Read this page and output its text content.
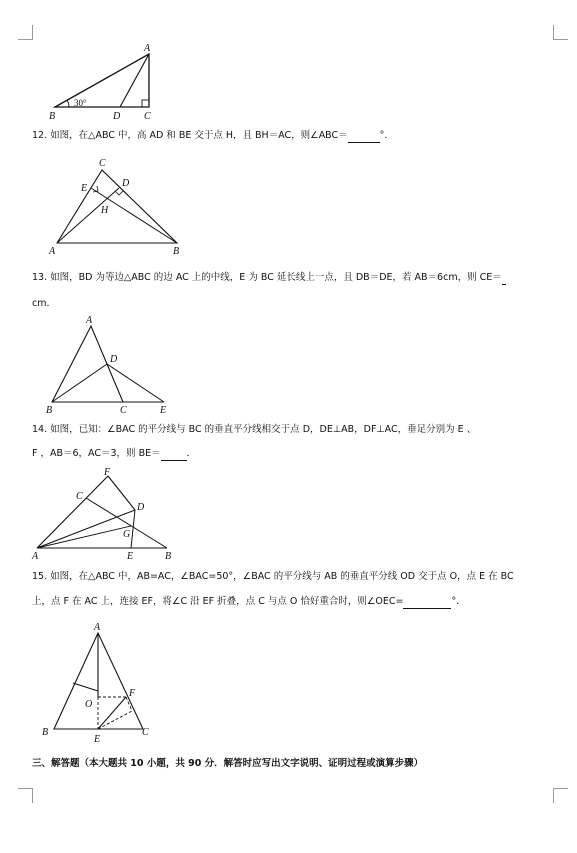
A
B	D C
30°
12. 如图，在△ABC 中，高 AD 和 BE 交于点 H，且 BH＝AC，则∠ABC＝	°．
C
E	D
H
A	B
13. 如图，BD 为等边△ABC 的边 AC 上的中线，E 为 BC 延长线上一点，且 DB＝DE，若 AB＝6cm，则 CE＝
cm．
A
D
B	C	E
14. 如图，已知：∠BAC 的平分线与 BC 的垂直平分线相交于点 D，DE⊥AB，DF⊥AC，垂足分别为 E 、
F ，AB＝6，AC＝3，则 BE＝	．
F
C
D
G
A	E	B
15. 如图，在△ABC 中，AB=AC，∠BAC=50°，∠BAC 的平分线与 AB 的垂直平分线 OD 交于点 O，点 E 在 BC
上，点 F 在 AC 上，连接 EF，将∠C 沿 EF 折叠，点 C 与点 O 恰好重合时，则∠OEC=	°．
A
O
F
B	C
E
三、解答题（本大题共 10 小题，共 90 分．解答时应写出文字说明、证明过程或演算步骤）
